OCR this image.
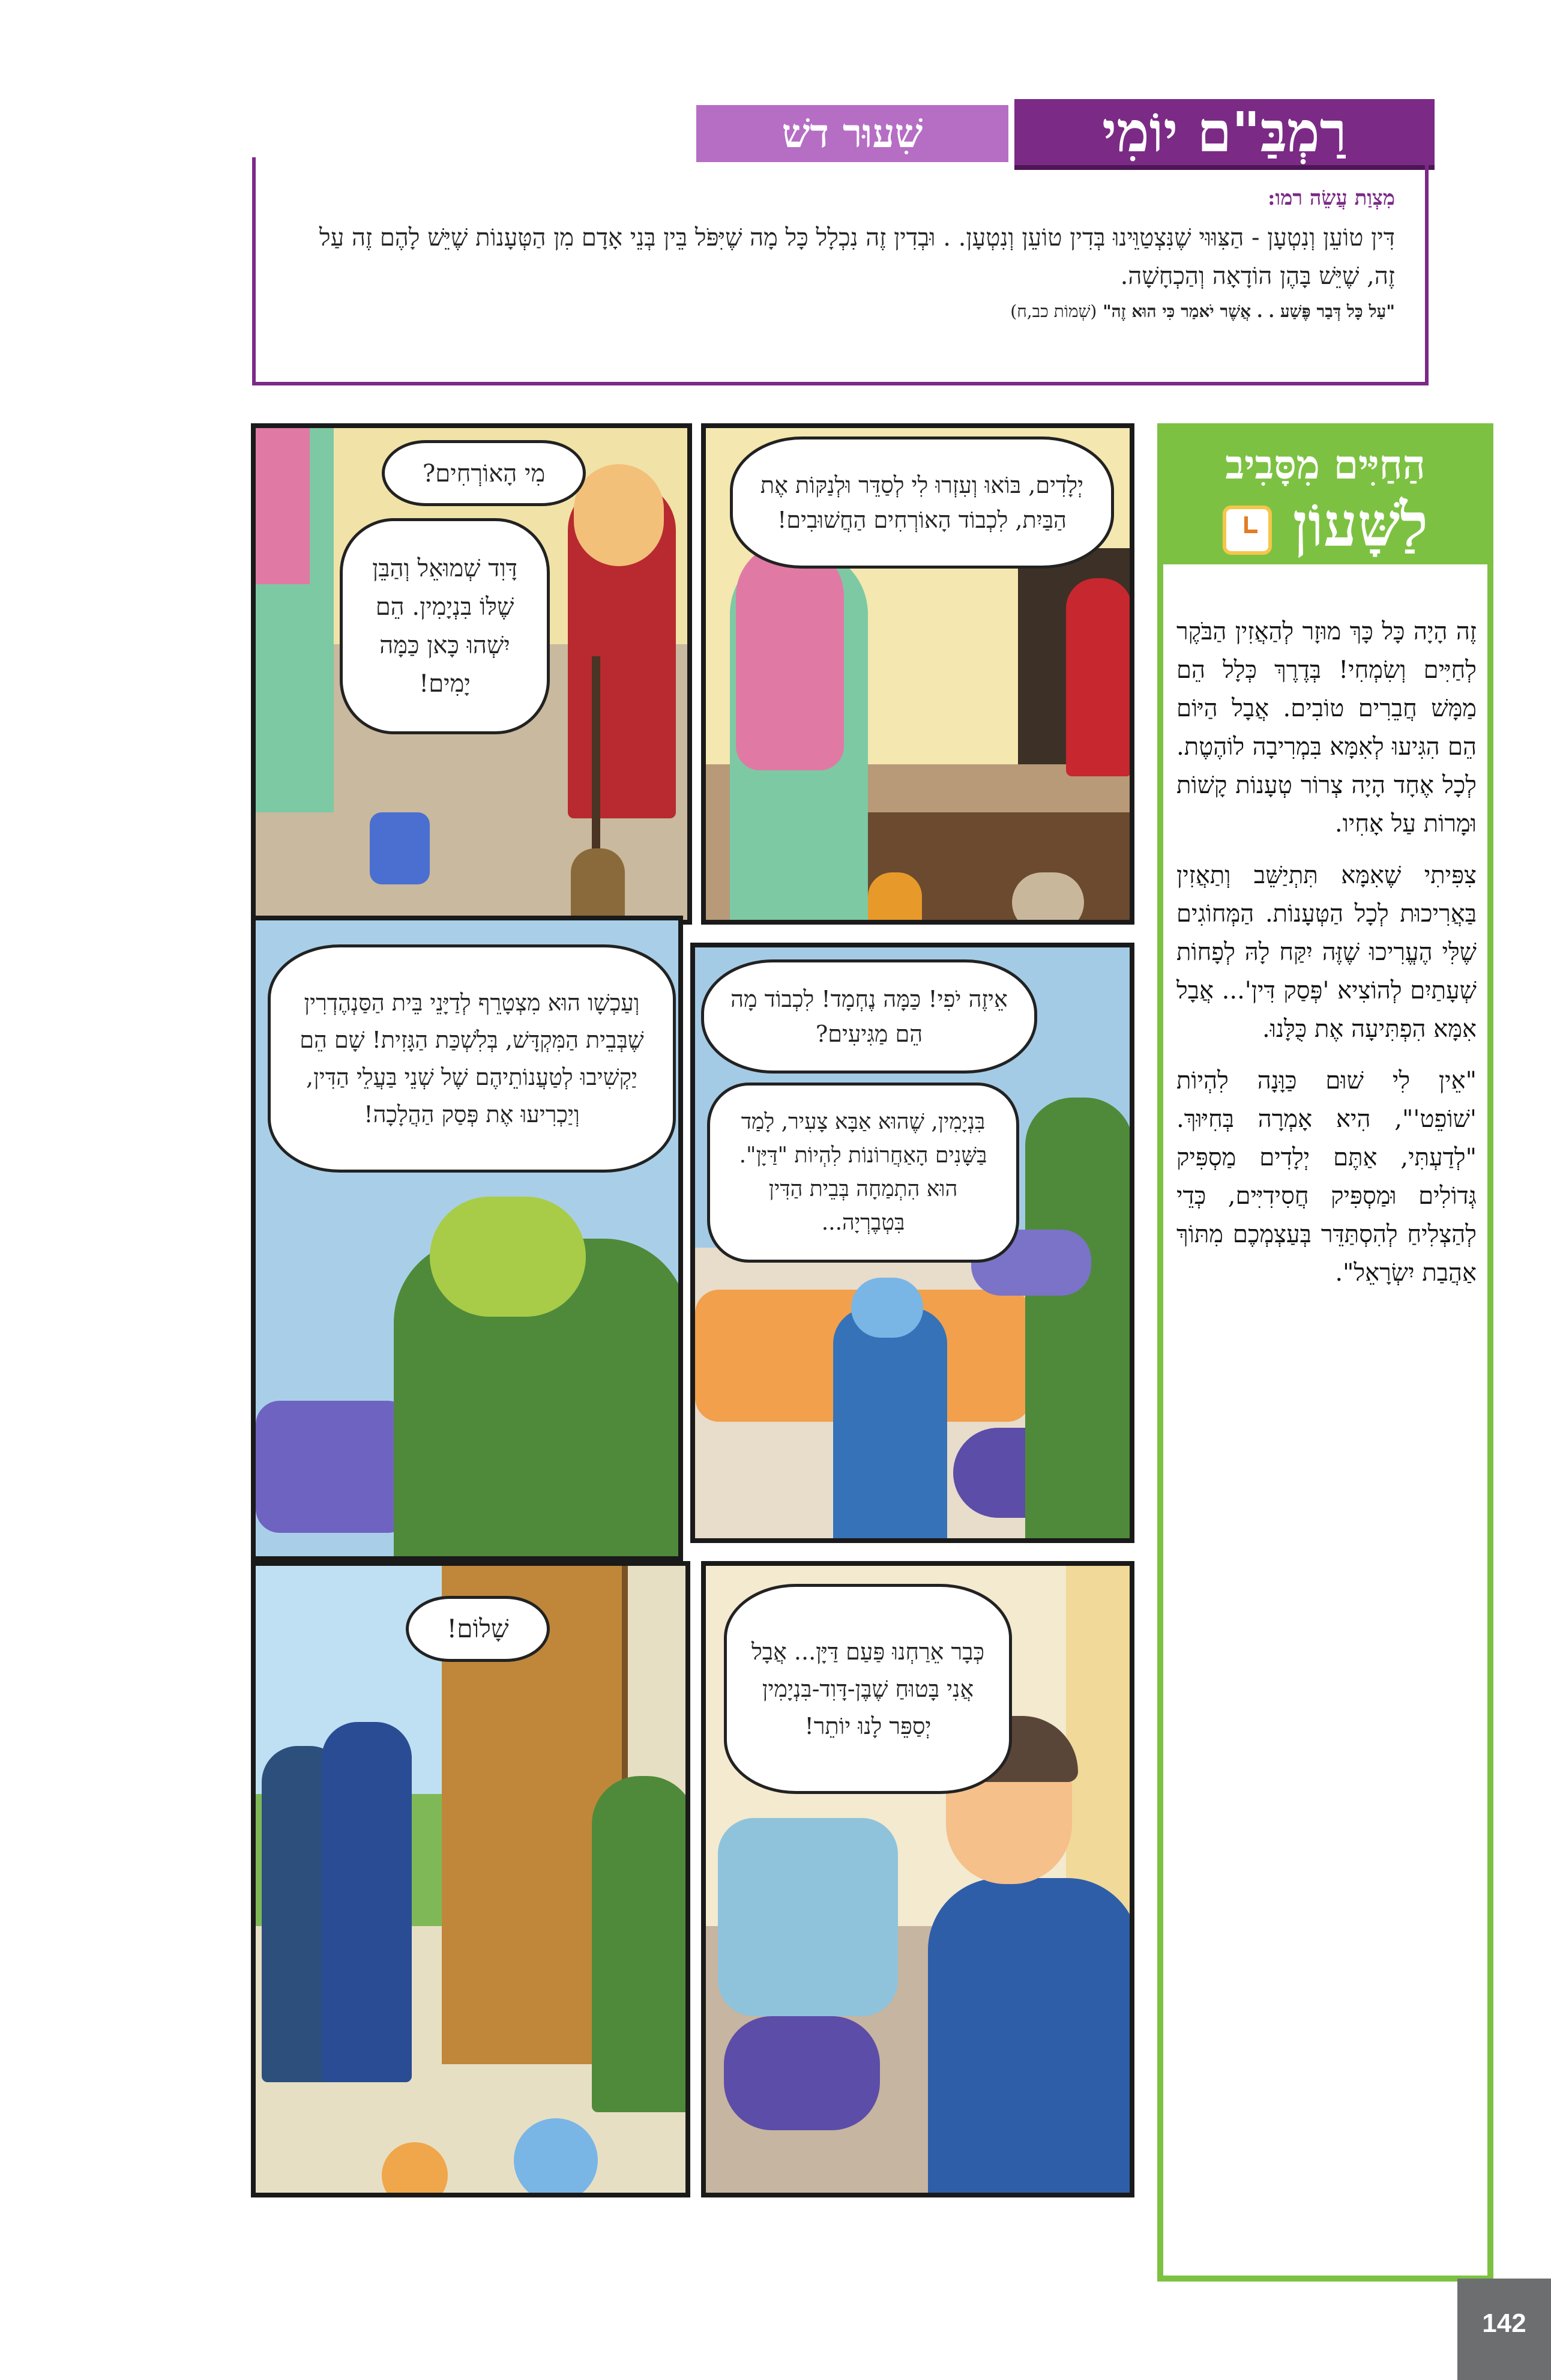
רַמְבַּ"ם יוֹמִי
שִׁעוּר דשׁ
מִצְוַת עֲשֵׂה רמו:
דִּין טוֹעֵן וְנִטְעָן - הַצִּוּוּי שֶׁנִּצְטַוֵּינוּ בְּדִין טוֹעֵן וְנִטְעָן. . וּבְדִין זֶה נִכְלָל כָּל מָה שֶׁיִּפֹּל בֵּין בְּנֵי אָדָם מִן הַטְּעָנוֹת שֶׁיֵּשׁ לָהֶם זֶה עַל זֶה, שֶׁיֵּשׁ בָּהֶן הוֹדָאָה וְהַכְחָשָׁה.
"עַל כָּל דְּבַר פֶּשַׁע . . אֲשֶׁר יֹאמַר כִּי הוּא זֶה" (שְׁמוֹת כב,ח)
יְלָדִים, בּוֹאוּ וְעִזְרוּ לִי לְסַדֵּר וּלְנַקּוֹת אֶת הַבַּיִת, לִכְבוֹד הָאוֹרְחִים הַחֲשׁוּבִים!
מִי הָאוֹרְחִים?
דָּוִד שְׁמוּאֵל וְהַבֵּן שֶׁלּוֹ בִּנְיָמִין. הֵם יִשְׁהוּ כָּאן כַּמָּה יָמִים!
אֵיזֶה יֹפִי! כַּמָּה נֶחְמָד! לִכְבוֹד מָה הֵם מַגִּיעִים?
בִּנְיָמִין, שֶׁהוּא אַבָּא צָעִיר, לָמַד בַּשָּׁנִים הָאַחֲרוֹנוֹת לִהְיוֹת "דַּיָּן". הוּא הִתְמַחָה בְּבֵית הַדִּין בִּטְבֶרְיָה...
וְעַכְשָׁו הוּא מִצְטָרֵף לְדַיָּנֵי בֵּית הַסַּנְהֶדְרִין שֶׁבְּבֵית הַמִּקְדָּשׁ, בְּלִשְׁכַּת הַגָּזִית! שָׁם הֵם יַקְשִׁיבוּ לְטַעֲנוֹתֵיהֶם שֶׁל שְׁנֵי בַּעֲלֵי הַדִּין, וְיַכְרִיעוּ אֶת פְּסַק הַהֲלָכָה!
כְּבָר אֵרַחְנוּ פַּעַם דַּיָּן... אֲבָל אֲנִי בָּטוּחַ שֶׁבֶּן-דָּוִד-בִּנְיָמִין יְסַפֵּר לָנוּ יוֹתֵר!
שָׁלוֹם!
הַחַיִּים מִסָּבִיב
לַשָּׁעוֹן

זֶה הָיָה כָּל כָּךְ מוּזָר לְהַאֲזִין הַבֹּקֶר לְחַיִּים וְשִׂמְחִי! בְּדֶרֶךְ כְּלָל הֵם מַמָּשׁ חֲבֵרִים טוֹבִים. אֲבָל הַיּוֹם הֵם הִגִּיעוּ לְאִמָּא בִּמְרִיבָה לוֹהֶטֶת. לְכָל אֶחָד הָיָה צְרוֹר טְעָנוֹת קָשׁוֹת וּמָרוֹת עַל אָחִיו.

צִפִּיתִי שֶׁאִמָּא תִּתְיַשֵּׁב וְתַאֲזִין בַּאֲרִיכוּת לְכָל הַטְּעָנוֹת. הַמְּחוֹגִים שֶׁלִּי הֶעֱרִיכוּ שֶׁזֶּה יִקַּח לָהּ לְפָחוֹת שְׁעָתַיִם לְהוֹצִיא 'פְּסַק דִּין'... אֲבָל אִמָּא הִפְתִּיעָה אֶת כֻּלָּנוּ.

"אֵין לִי שׁוּם כַּוָּנָה לִהְיוֹת 'שׁוֹפֵט'", הִיא אָמְרָה בְּחִיּוּךְ. "לְדַעְתִּי, אַתֶּם יְלָדִים מַסְפִּיק גְּדוֹלִים וּמַסְפִּיק חֲסִידִיִּים, כְּדֵי לְהַצְלִיחַ לְהִסְתַּדֵּר בְּעַצְמְכֶם מִתּוֹךְ אַהֲבַת יִשְׂרָאֵל".

142
